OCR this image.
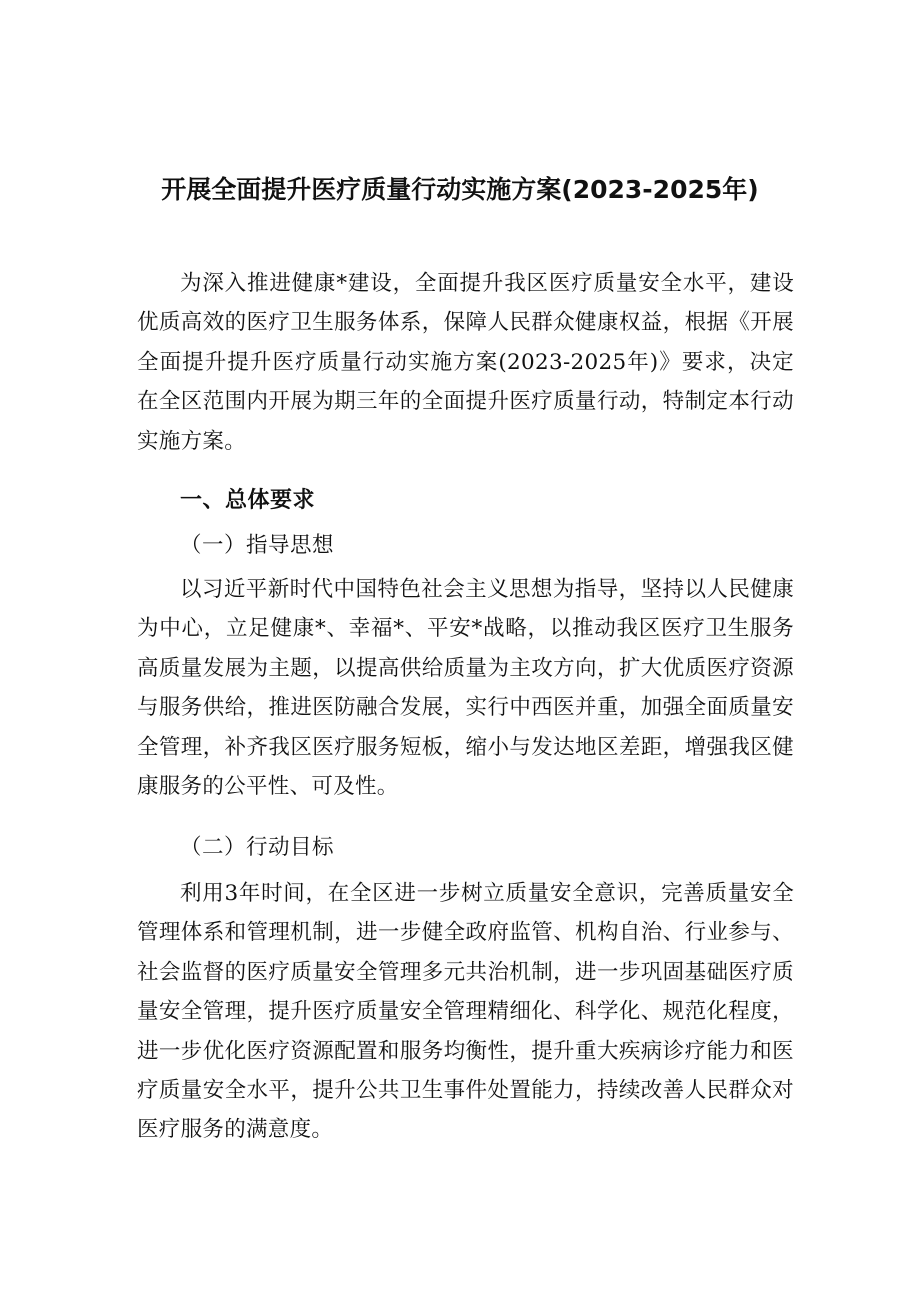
开展全面提升医疗质量行动实施方案(2023-2025年)

为深入推进健康*建设，全面提升我区医疗质量安全水平，建设优质高效的医疗卫生服务体系，保障人民群众健康权益，根据《开展全面提升提升医疗质量行动实施方案(2023-2025年)》要求，决定在全区范围内开展为期三年的全面提升医疗质量行动，特制定本行动实施方案。

一、总体要求
（一）指导思想

以习近平新时代中国特色社会主义思想为指导，坚持以人民健康为中心，立足健康*、幸福*、平安*战略，以推动我区医疗卫生服务高质量发展为主题，以提高供给质量为主攻方向，扩大优质医疗资源与服务供给，推进医防融合发展，实行中西医并重，加强全面质量安全管理，补齐我区医疗服务短板，缩小与发达地区差距，增强我区健康服务的公平性、可及性。

（二）行动目标

利用3年时间，在全区进一步树立质量安全意识，完善质量安全管理体系和管理机制，进一步健全政府监管、机构自治、行业参与、社会监督的医疗质量安全管理多元共治机制，进一步巩固基础医疗质量安全管理，提升医疗质量安全管理精细化、科学化、规范化程度，进一步优化医疗资源配置和服务均衡性，提升重大疾病诊疗能力和医疗质量安全水平，提升公共卫生事件处置能力，持续改善人民群众对医疗服务的满意度。
